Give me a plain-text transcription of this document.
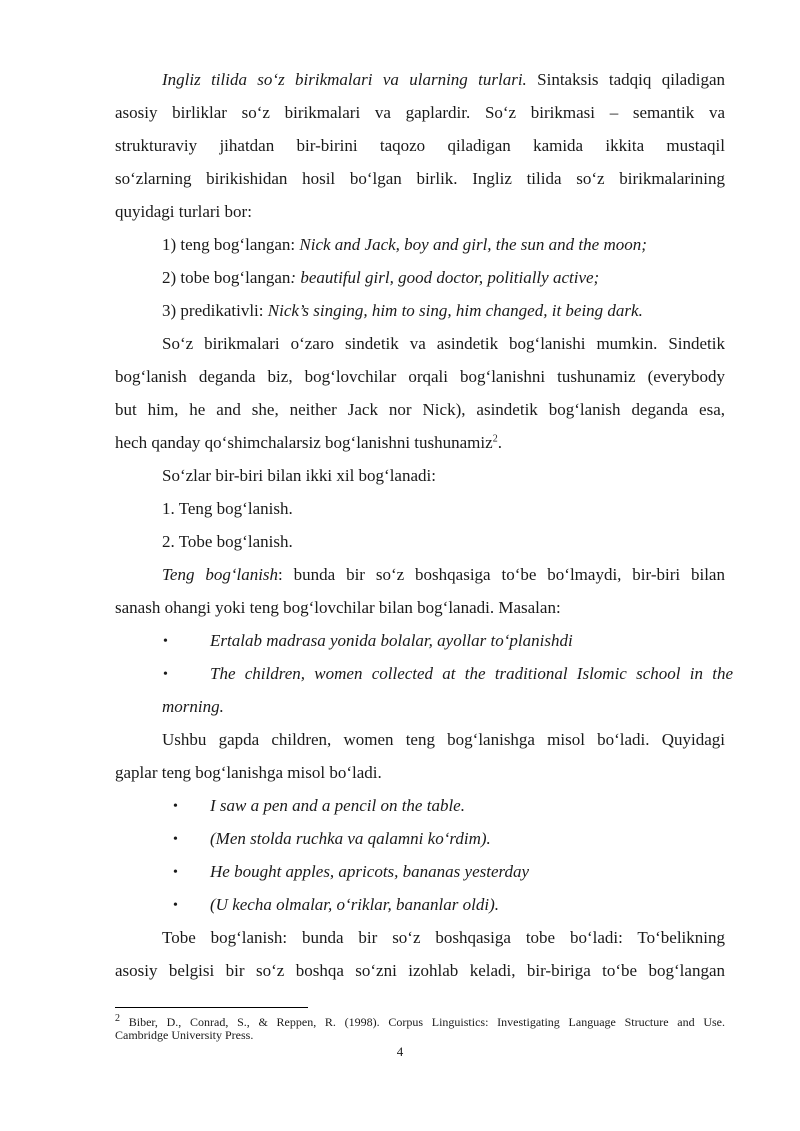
Ingliz tilida so‘z birikmalari va ularning turlari. Sintaksis tadqiq qiladigan
asosiy birliklar so‘z birikmalari va gaplardir. So‘z birikmasi – semantik va
strukturaviy jihatdan bir-birini taqozo qiladigan kamida ikkita mustaqil
so‘zlarning birikishidan hosil bo‘lgan birlik. Ingliz tilida so‘z birikmalarining
quyidagi turlari bor:
1) teng bog‘langan: Nick and Jack, boy and girl, the sun and the moon;
2) tobe bog‘langan: beautiful girl, good doctor, politially active;
3) predikativli: Nick’s singing, him to sing, him changed, it being dark.
So‘z birikmalari o‘zaro sindetik va asindetik bog‘lanishi mumkin. Sindetik
bog‘lanish deganda biz, bog‘lovchilar orqali bog‘lanishni tushunamiz (everybody
but him, he and she, neither Jack nor Nick), asindetik bog‘lanish deganda esa,
hech qanday qo‘shimchalarsiz bog‘lanishni tushunamiz$^2$.
So‘zlar bir-biri bilan ikki xil bog‘lanadi:
1. Teng bog‘lanish.
2. Tobe bog‘lanish.
Teng bog‘lanish: bunda bir so‘z boshqasiga to‘be bo‘lmaydi, bir-biri bilan
sanash ohangi yoki teng bog‘lovchilar bilan bog‘lanadi. Masalan:
• Ertalab madrasa yonida bolalar, ayollar to‘planishdi
• The children, women collected at the traditional Islomic school in the
morning.
Ushbu gapda children, women teng bog‘lanishga misol bo‘ladi. Quyidagi
gaplar teng bog‘lanishga misol bo‘ladi.
• I saw a pen and a pencil on the table.
• (Men stolda ruchka va qalamni ko‘rdim).
• He bought apples, apricots, bananas yesterday
• (U kecha olmalar, o‘riklar, bananlar oldi).
Tobe bog‘lanish: bunda bir so‘z boshqasiga tobe bo‘ladi: To‘belikning
asosiy belgisi bir so‘z boshqa so‘zni izohlab keladi, bir-biriga to‘be bog‘langan
$^2$ Biber, D., Conrad, S., & Reppen, R. (1998). Corpus Linguistics: Investigating Language Structure and Use.
Cambridge University Press.
4
